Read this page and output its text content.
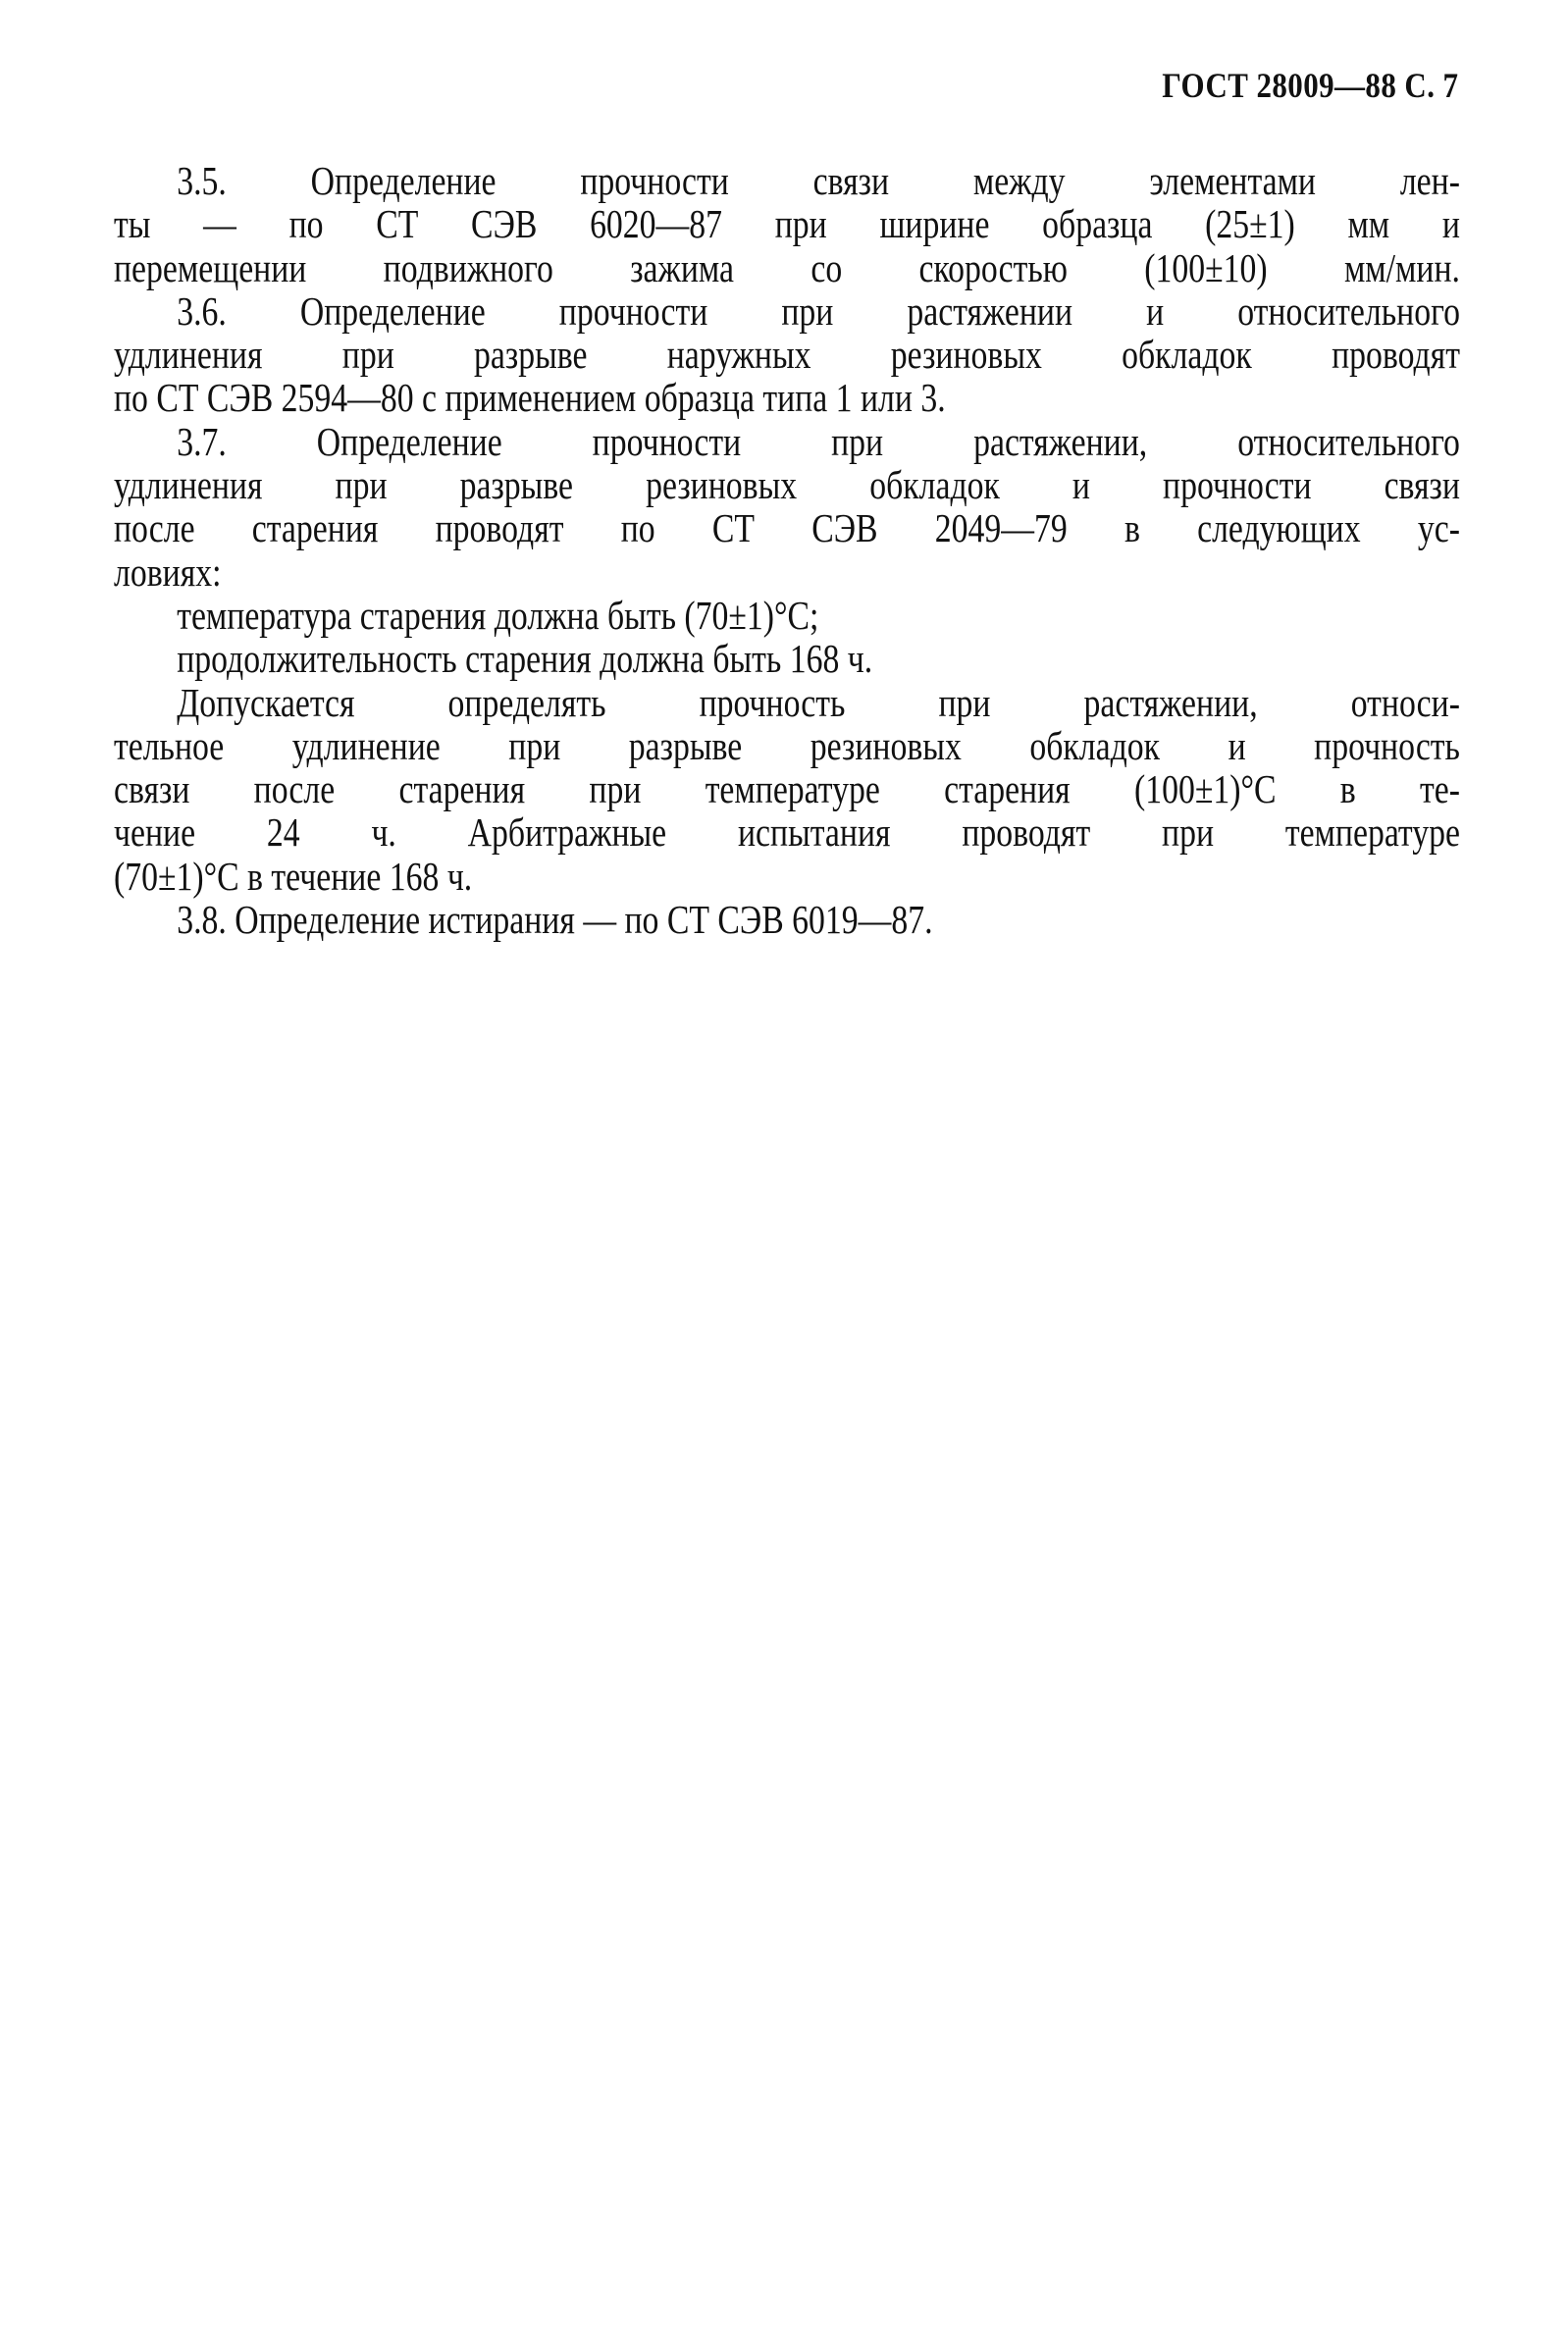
ГОСТ 28009—88 С. 7
3.5. Определение прочности связи между элементами лен-
ты — по СТ СЭВ 6020—87 при ширине образца (25±1) мм и
перемещении подвижного зажима со скоростью (100±10) мм/мин.
3.6. Определение прочности при растяжении и относительного
удлинения при разрыве наружных резиновых обкладок проводят
по СТ СЭВ 2594—80 с применением образца типа 1 или 3.
3.7. Определение прочности при растяжении, относительного
удлинения при разрыве резиновых обкладок и прочности связи
после старения проводят по СТ СЭВ 2049—79 в следующих ус-
ловиях:
температура старения должна быть (70±1)°С;
продолжительность старения должна быть 168 ч.
Допускается определять прочность при растяжении, относи-
тельное удлинение при разрыве резиновых обкладок и прочность
связи после старения при температуре старения (100±1)°С в те-
чение 24 ч. Арбитражные испытания проводят при температуре
(70±1)°С в течение 168 ч.
3.8. Определение истирания — по СТ СЭВ 6019—87.
